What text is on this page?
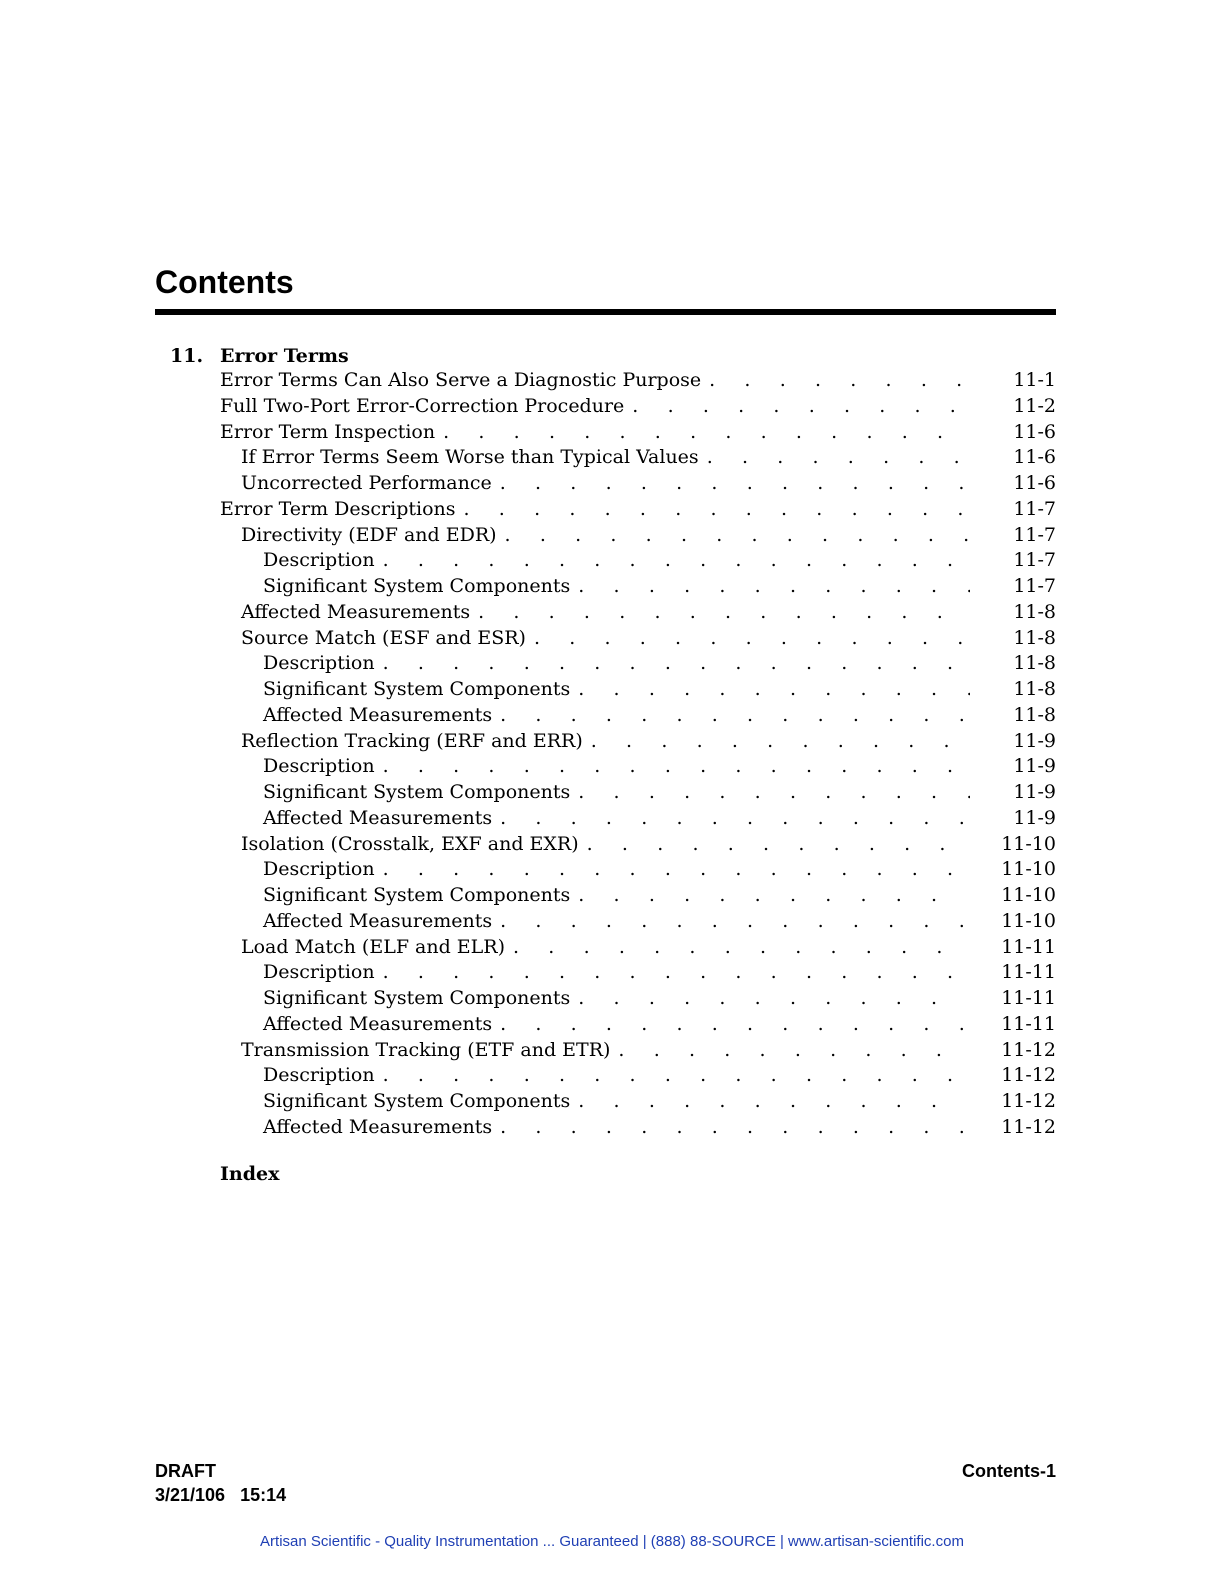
Contents
11. Error Terms
Error Terms Can Also Serve a Diagnostic Purpose . . .	11-1
Full Two-Port Error-Correction Procedure . . .	11-2
Error Term Inspection . . .	11-6
If Error Terms Seem Worse than Typical Values . . .	11-6
Uncorrected Performance . . .	11-6
Error Term Descriptions . . .	11-7
Directivity (EDF and EDR) . . .	11-7
Description . . .	11-7
Significant System Components . . .	11-7
Affected Measurements . . .	11-8
Source Match (ESF and ESR) . . .	11-8
Description . . .	11-8
Significant System Components . . .	11-8
Affected Measurements . . .	11-8
Reflection Tracking (ERF and ERR) . . .	11-9
Description . . .	11-9
Significant System Components . . .	11-9
Affected Measurements . . .	11-9
Isolation (Crosstalk, EXF and EXR) . . .	11-10
Description . . .	11-10
Significant System Components . . .	11-10
Affected Measurements . . .	11-10
Load Match (ELF and ELR) . . .	11-11
Description . . .	11-11
Significant System Components . . .	11-11
Affected Measurements . . .	11-11
Transmission Tracking (ETF and ETR) . . .	11-12
Description . . .	11-12
Significant System Components . . .	11-12
Affected Measurements . . .	11-12
Index
DRAFT
3/21/106 15:14
Contents-1
Artisan Scientific - Quality Instrumentation ... Guaranteed | (888) 88-SOURCE | www.artisan-scientific.com
